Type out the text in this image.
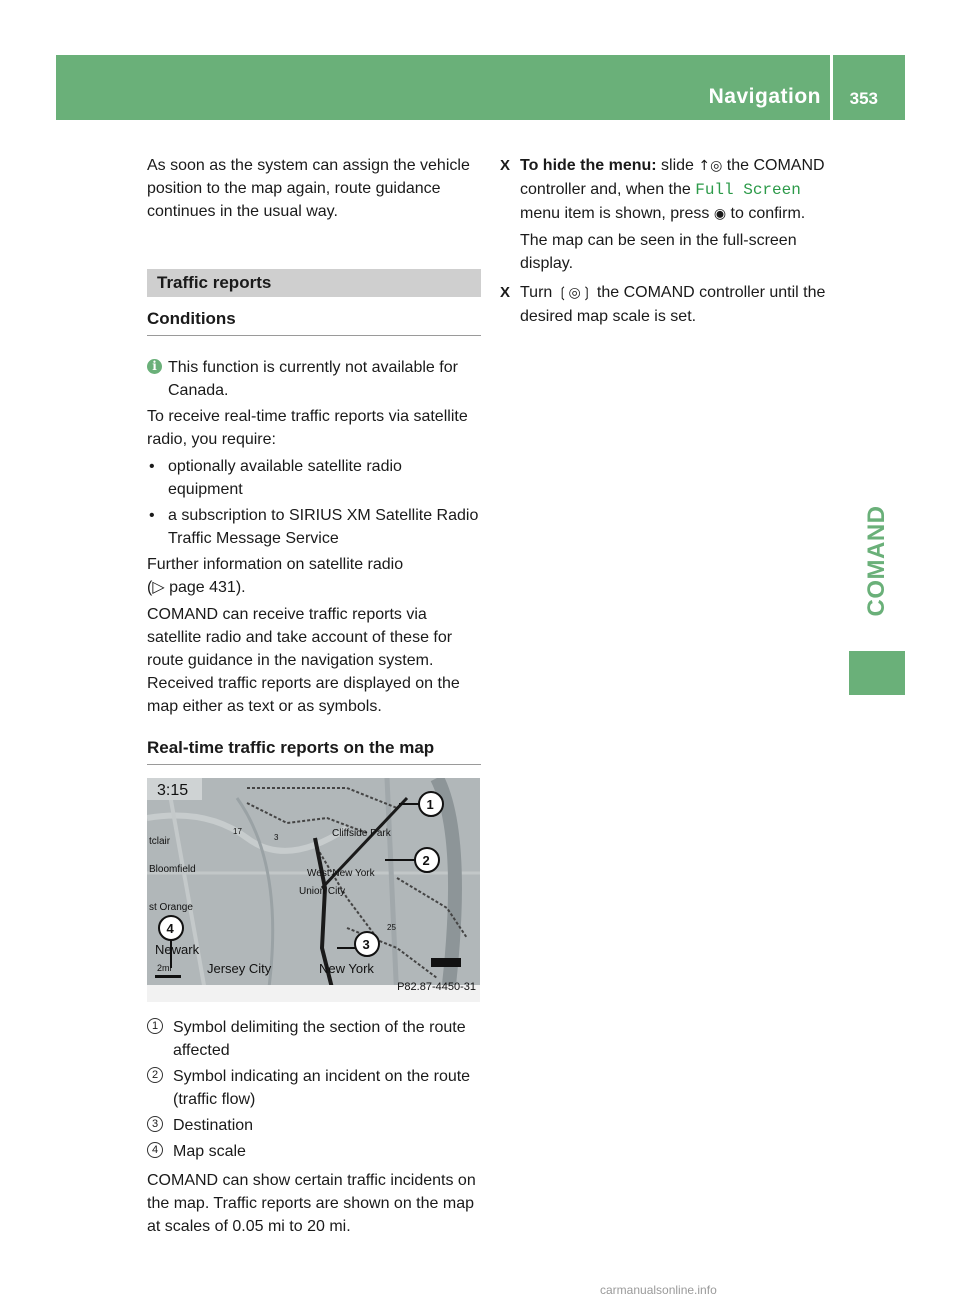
Navigation 353
COMAND

As soon as the system can assign the vehicle position to the map again, route guidance continues in the usual way.

Traffic reports
Conditions
i This function is currently not available for Canada.

To receive real-time traffic reports via satellite radio, you require:

• optionally available satellite radio equipment
• a subscription to SIRIUS XM Satellite Radio Traffic Message Service

Further information on satellite radio

(▷ page 431).

COMAND can receive traffic reports via satellite radio and take account of these for route guidance in the navigation system. Received traffic reports are displayed on the map either as text or as symbols.

Real-time traffic reports on the map
3:15
tclair
Bloomfield
st Orange
Newark
Cliffside Park
West New York
Union City
Jersey City	New York
2mi
17
3
25
1
2
3
4
P82.87-4450-31
1 Symbol delimiting the section of the route affected
2 Symbol indicating an incident on the route (traffic flow)
3 Destination
4 Map scale

COMAND can show certain traffic incidents on the map. Traffic reports are shown on the map at scales of 0.05 mi to 20 mi.

X To hide the menu: slide ↑◎ the COMAND controller and, when the Full Screen menu item is shown, press ◉ to confirm.

The map can be seen in the full-screen display.

X Turn ❲◎❳ the COMAND controller until the desired map scale is set.

carmanualsonline.info
